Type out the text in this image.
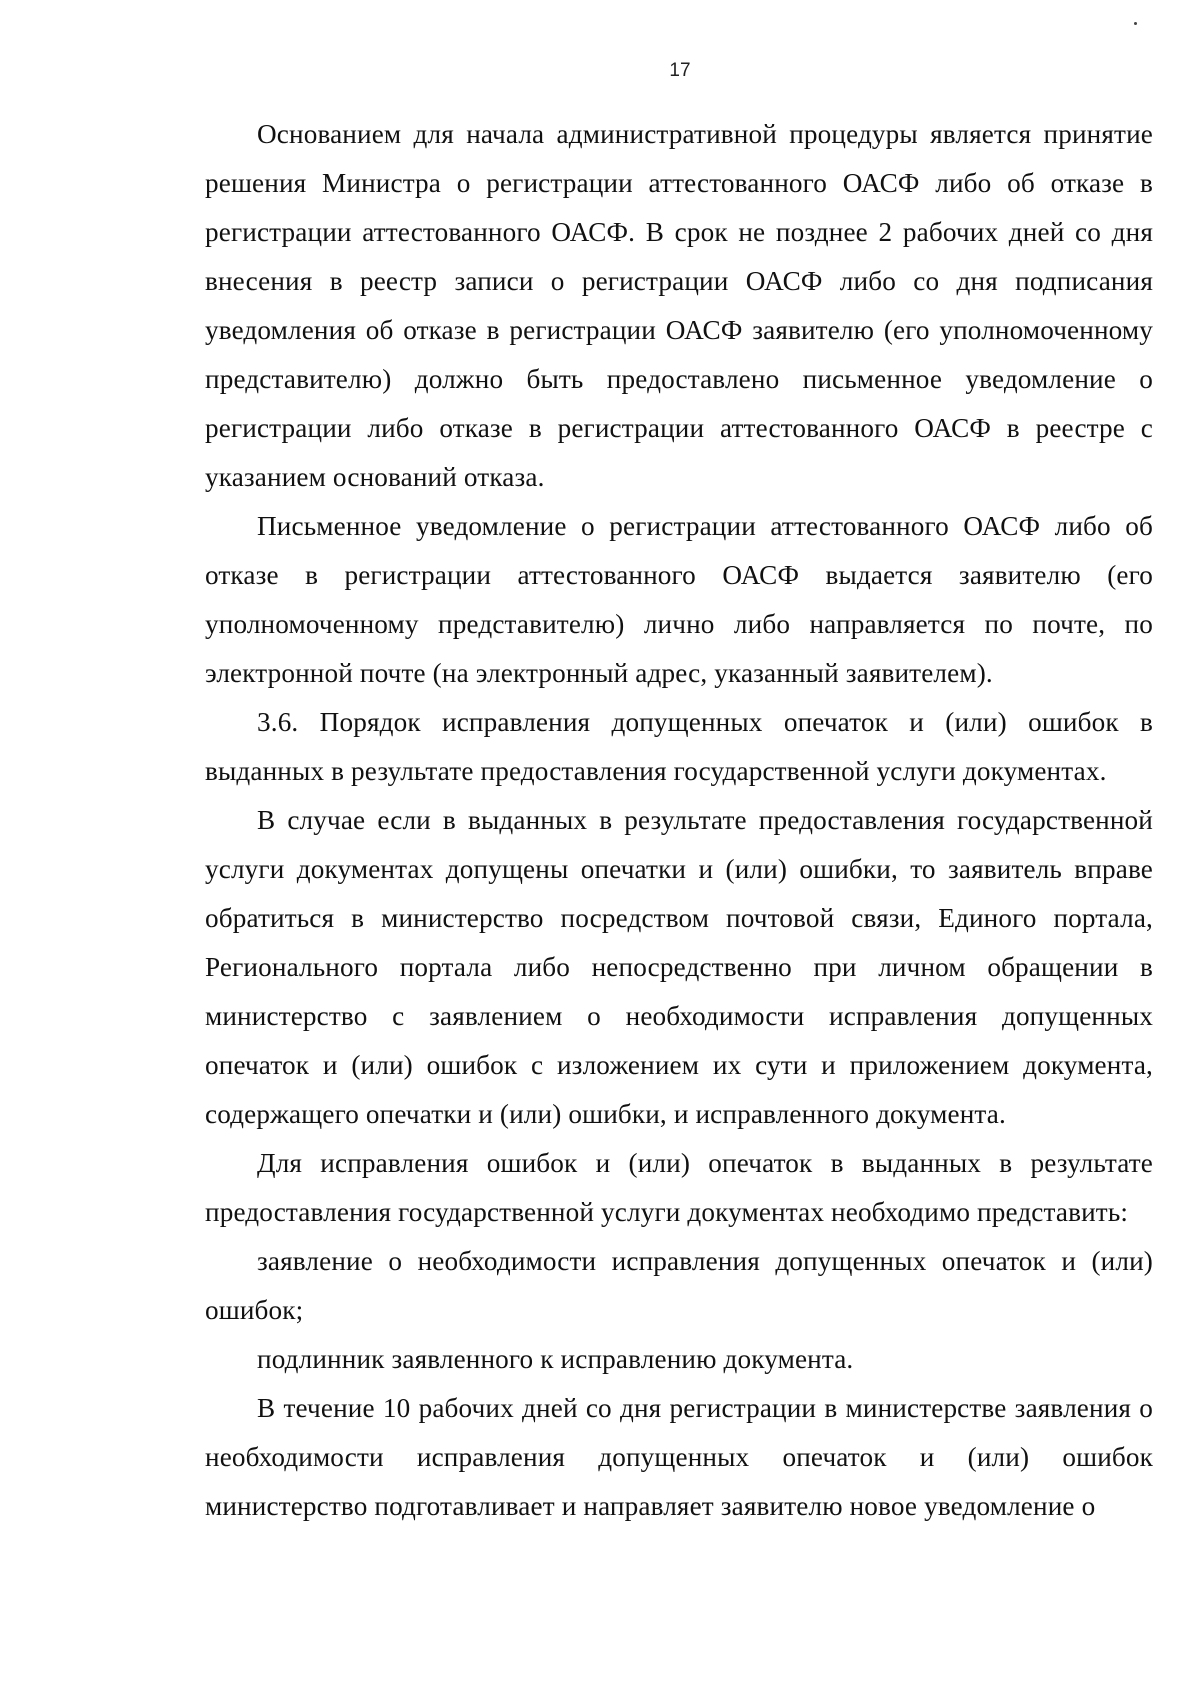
17

Основанием для начала административной процедуры является принятие решения Министра о регистрации аттестованного ОАСФ либо об отказе в регистрации аттестованного ОАСФ. В срок не позднее 2 рабочих дней со дня внесения в реестр записи о регистрации ОАСФ либо со дня подписания уведомления об отказе в регистрации ОАСФ заявителю (его уполномоченному представителю) должно быть предоставлено письменное уведомление о регистрации либо отказе в регистрации аттестованного ОАСФ в реестре с указанием оснований отказа.

Письменное уведомление о регистрации аттестованного ОАСФ либо об отказе в регистрации аттестованного ОАСФ выдается заявителю (его уполномоченному представителю) лично либо направляется по почте, по электронной почте (на электронный адрес, указанный заявителем).

3.6. Порядок исправления допущенных опечаток и (или) ошибок в выданных в результате предоставления государственной услуги документах.

В случае если в выданных в результате предоставления государственной услуги документах допущены опечатки и (или) ошибки, то заявитель вправе обратиться в министерство посредством почтовой связи, Единого портала, Регионального портала либо непосредственно при личном обращении в министерство с заявлением о необходимости исправления допущенных опечаток и (или) ошибок с изложением их сути и приложением документа, содержащего опечатки и (или) ошибки, и исправленного документа.

Для исправления ошибок и (или) опечаток в выданных в результате предоставления государственной услуги документах необходимо представить:

заявление о необходимости исправления допущенных опечаток и (или) ошибок;

подлинник заявленного к исправлению документа.

В течение 10 рабочих дней со дня регистрации в министерстве заявления о необходимости исправления допущенных опечаток и (или) ошибок министерство подготавливает и направляет заявителю новое уведомление о
